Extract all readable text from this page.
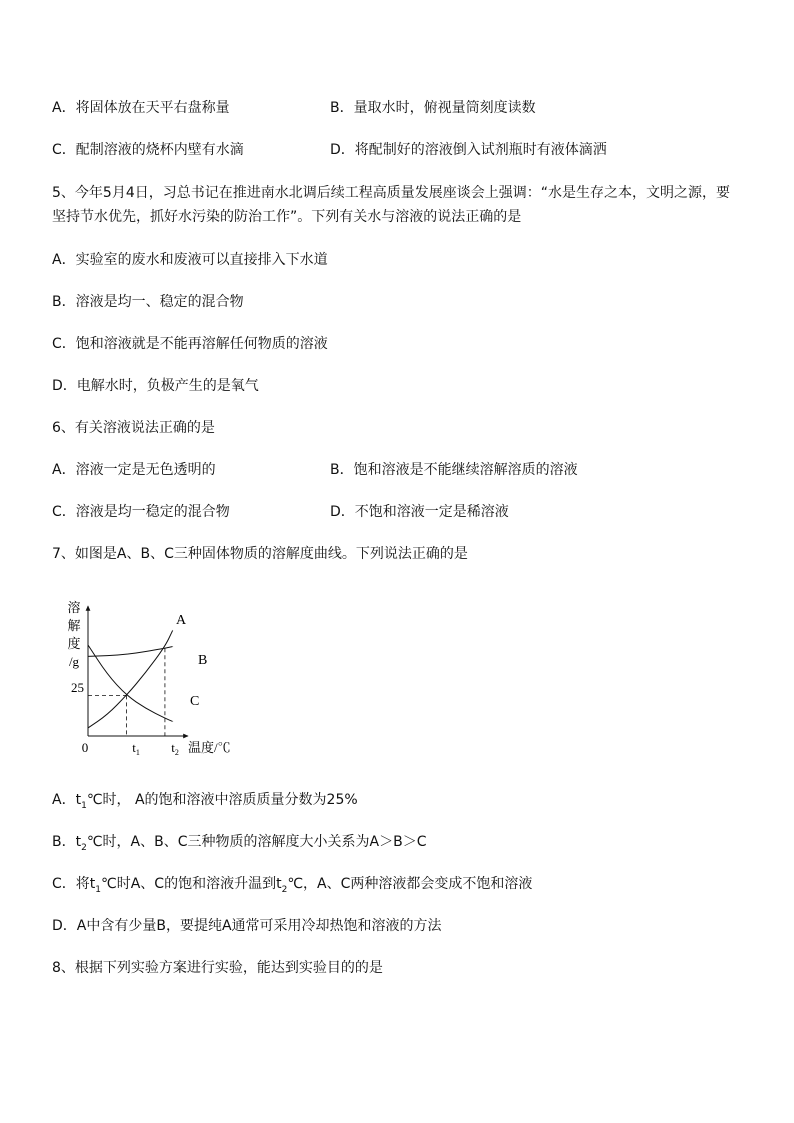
A．将固体放在天平右盘称量	B．量取水时，俯视量筒刻度读数
C．配制溶液的烧杯内壁有水滴	D．将配制好的溶液倒入试剂瓶时有液体滴洒
5、今年5月4日，习总书记在推进南水北调后续工程高质量发展座谈会上强调：“水是生存之本，文明之源，要坚持节水优先，抓好水污染的防治工作”。下列有关水与溶液的说法正确的是
A．实验室的废水和废液可以直接排入下水道
B．溶液是均一、稳定的混合物
C．饱和溶液就是不能再溶解任何物质的溶液
D．电解水时，负极产生的是氧气
6、有关溶液说法正确的是
A．溶液一定是无色透明的	B．饱和溶液是不能继续溶解溶质的溶液
C．溶液是均一稳定的混合物	D．不饱和溶液一定是稀溶液
7、如图是A、B、C三种固体物质的溶解度曲线。下列说法正确的是
溶
解
度
/g
25
0	$t_1$ $t_2$ 温度/℃
A
B
C
A．$t_1℃$时， A的饱和溶液中溶质质量分数为25%
B．$t_2℃$时，A、B、C三种物质的溶解度大小关系为A＞B＞C
C．将$t_1℃$时A、C的饱和溶液升温到$t_2℃$，A、C两种溶液都会变成不饱和溶液
D．A中含有少量B，要提纯A通常可采用冷却热饱和溶液的方法
8、根据下列实验方案进行实验，能达到实验目的的是
